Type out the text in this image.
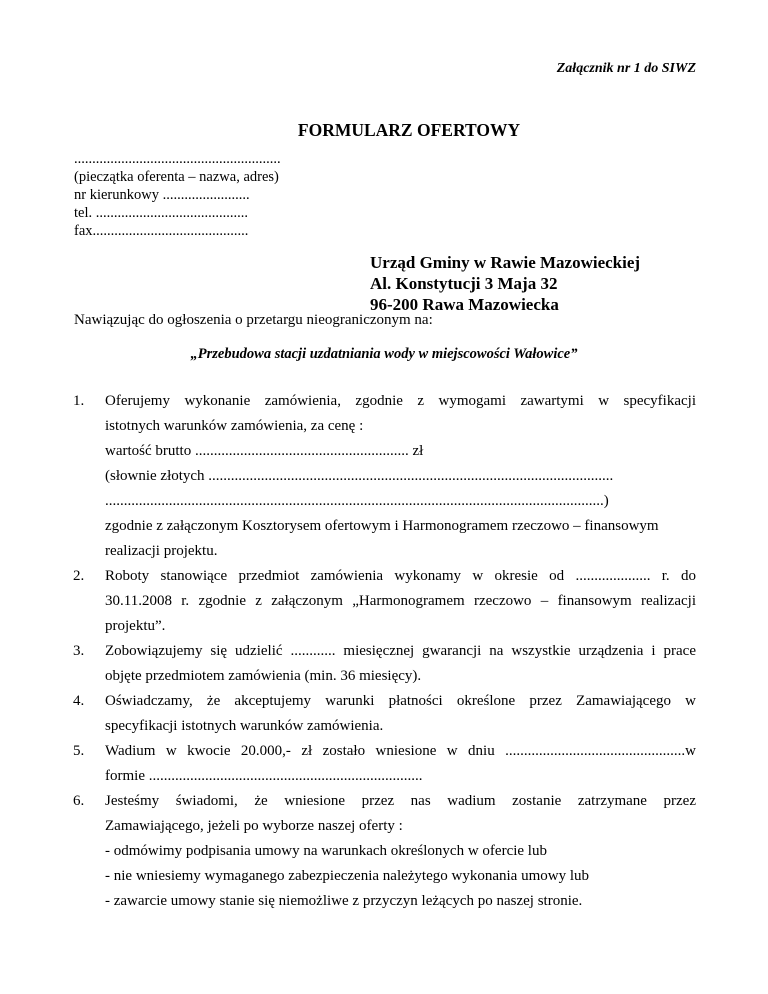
Załącznik nr 1 do SIWZ
FORMULARZ OFERTOWY
.........................................................
(pieczątka oferenta – nazwa, adres)
nr kierunkowy ........................
tel. ..........................................
fax...........................................
Urząd Gminy w Rawie Mazowieckiej
Al. Konstytucji 3 Maja 32
96-200 Rawa Mazowiecka
Nawiązując do ogłoszenia o przetargu nieograniczonym na:
„Przebudowa stacji uzdatniania wody w miejscowości Wałowice”
1. Oferujemy wykonanie zamówienia, zgodnie z wymogami zawartymi w specyfikacji
istotnych warunków zamówienia, za cenę :
wartość brutto ......................................................... zł
(słownie złotych ............................................................................................................
.....................................................................................................................................)
zgodnie z załączonym Kosztorysem ofertowym i Harmonogramem rzeczowo – finansowym
realizacji projektu.
2. Roboty stanowiące przedmiot zamówienia wykonamy w okresie od .................... r. do
30.11.2008 r. zgodnie z załączonym „Harmonogramem rzeczowo – finansowym realizacji
projektu”.
3. Zobowiązujemy się udzielić ............ miesięcznej gwarancji na wszystkie urządzenia i prace
objęte przedmiotem zamówienia (min. 36 miesięcy).
4. Oświadczamy, że akceptujemy warunki płatności określone przez Zamawiającego w
specyfikacji istotnych warunków zamówienia.
5. Wadium w kwocie 20.000,- zł zostało wniesione w dniu ................................................w
formie .........................................................................
6. Jesteśmy świadomi, że wniesione przez nas wadium zostanie zatrzymane przez
Zamawiającego, jeżeli po wyborze naszej oferty :
- odmówimy podpisania umowy na warunkach określonych w ofercie lub
- nie wniesiemy wymaganego zabezpieczenia należytego wykonania umowy lub
- zawarcie umowy stanie się niemożliwe z przyczyn leżących po naszej stronie.
